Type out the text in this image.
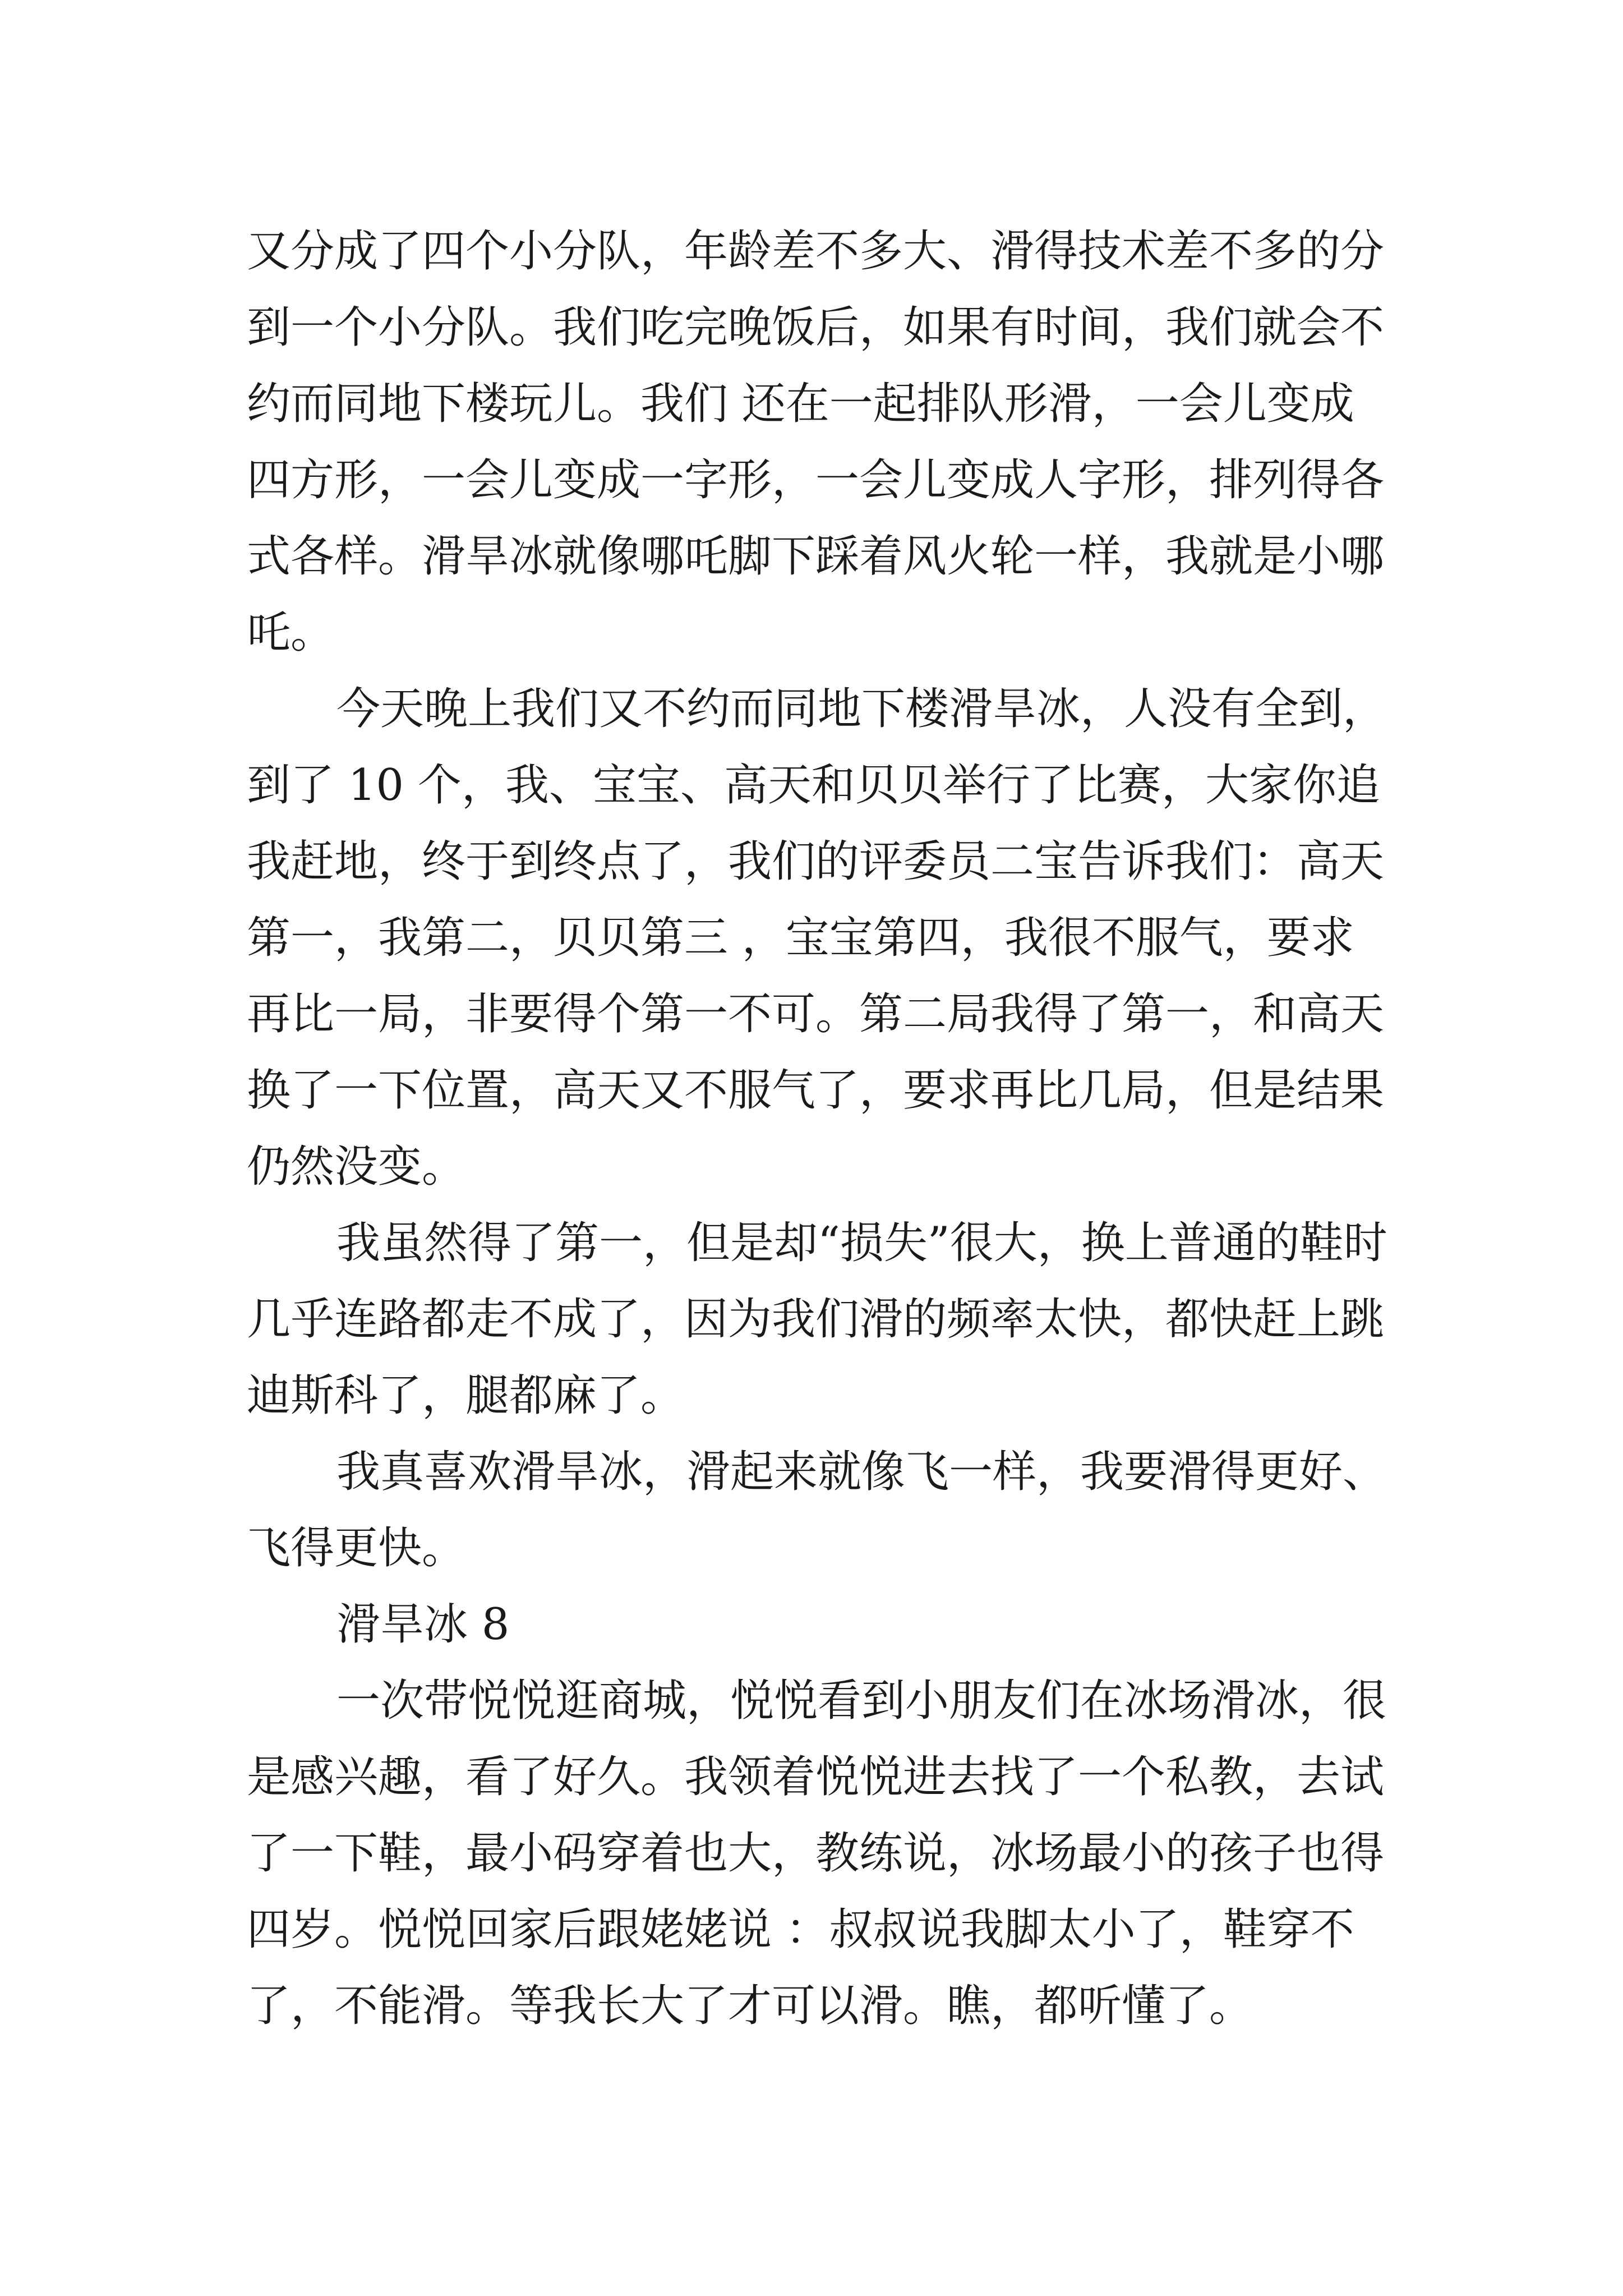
又分成了四个小分队，年龄差不多大、滑得技术差不多的分到一个小分队。我们吃完晚饭后，如果有时间，我们就会不约而同地下楼玩儿。我们 还在一起排队形滑，一会儿变成四方形，一会儿变成一字形，一会儿变成人字形，排列得各式各样。滑旱冰就像哪吒脚下踩着风火轮一样，我就是小哪吒。

今天晚上我们又不约而同地下楼滑旱冰，人没有全到，到了 10 个，我、宝宝、高天和贝贝举行了比赛，大家你追我赶地，终于到终点了，我们的评委员二宝告诉我们：高天第一，我第二，贝贝第三 ，宝宝第四，我很不服气，要求再比一局，非要得个第一不可。第二局我得了第一，和高天换了一下位置，高天又不服气了，要求再比几局，但是结果仍然没变。

我虽然得了第一，但是却“损失”很大，换上普通的鞋时几乎连路都走不成了，因为我们滑的频率太快，都快赶上跳迪斯科了，腿都麻了。

我真喜欢滑旱冰，滑起来就像飞一样，我要滑得更好、飞得更快。

滑旱冰 8

一次带悦悦逛商城，悦悦看到小朋友们在冰场滑冰，很是感兴趣，看了好久。我领着悦悦进去找了一个私教，去试了一下鞋，最小码穿着也大，教练说，冰场最小的孩子也得四岁。悦悦回家后跟姥姥说 ：叔叔说我脚太小了，鞋穿不了，不能滑。等我长大了才可以滑。瞧，都听懂了。
